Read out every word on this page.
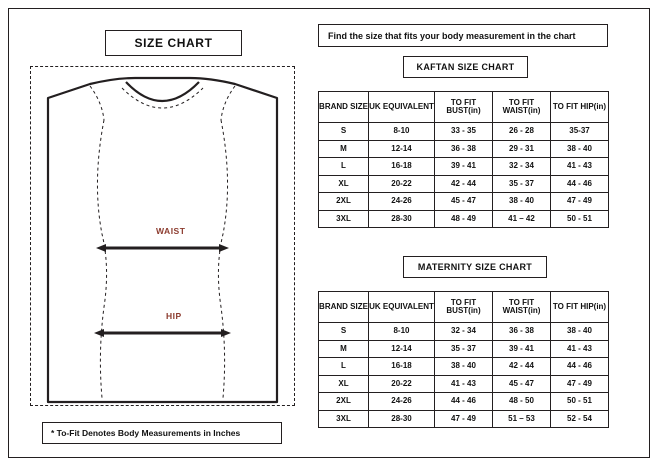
SIZE CHART
WAIST
HIP
* To-Fit Denotes Body Measurements in Inches
Find the size that fits your body measurement in the chart
KAFTAN SIZE CHART
BRAND SIZE	UK EQUIVALENT	TO FIT BUST(in)	TO FIT WAIST(in)	TO FIT HIP(in)

S	8-10	33 - 35	26 - 28	35-37
M	12-14	36 - 38	29 - 31	38 - 40
L	16-18	39 - 41	32 - 34	41 - 43
XL	20-22	42 - 44	35 - 37	44 - 46
2XL	24-26	45 - 47	38 - 40	47 - 49
3XL	28-30	48 - 49	41 – 42	50 - 51
MATERNITY SIZE CHART
BRAND SIZE	UK EQUIVALENT	TO FIT BUST(in)	TO FIT WAIST(in)	TO FIT HIP(in)

S	8-10	32 - 34	36 - 38	38 - 40
M	12-14	35 - 37	39 - 41	41 - 43
L	16-18	38 - 40	42 - 44	44 - 46
XL	20-22	41 - 43	45 - 47	47 - 49
2XL	24-26	44 - 46	48 - 50	50 - 51
3XL	28-30	47 - 49	51 – 53	52 - 54
